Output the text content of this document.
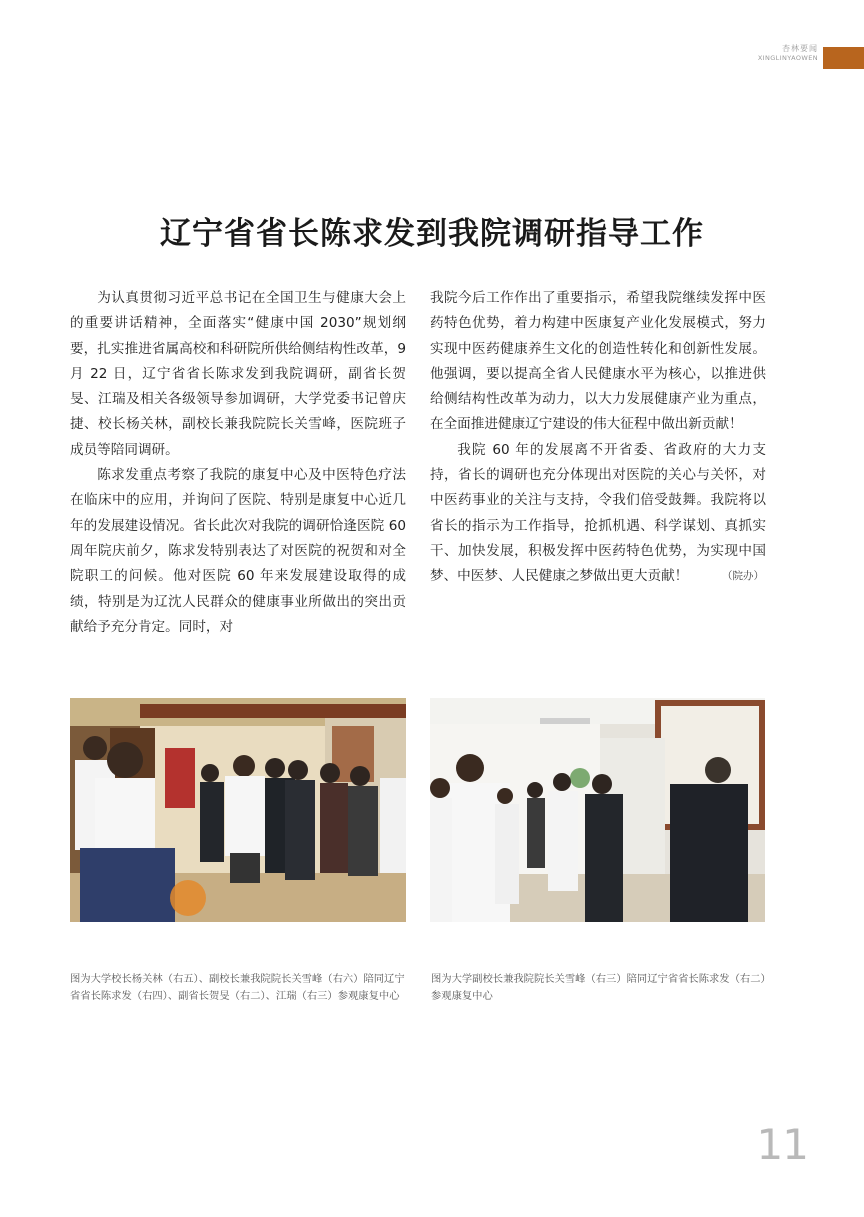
杏林要闻
XINGLINYAOWEN
辽宁省省长陈求发到我院调研指导工作

为认真贯彻习近平总书记在全国卫生与健康大会上的重要讲话精神，全面落实“健康中国 2030”规划纲要，扎实推进省属高校和科研院所供给侧结构性改革，9 月 22 日，辽宁省省长陈求发到我院调研，副省长贺旻、江瑞及相关各级领导参加调研，大学党委书记曾庆捷、校长杨关林，副校长兼我院院长关雪峰，医院班子成员等陪同调研。

陈求发重点考察了我院的康复中心及中医特色疗法在临床中的应用，并询问了医院、特别是康复中心近几年的发展建设情况。省长此次对我院的调研恰逢医院 60 周年院庆前夕，陈求发特别表达了对医院的祝贺和对全院职工的问候。他对医院 60 年来发展建设取得的成绩，特别是为辽沈人民群众的健康事业所做出的突出贡献给予充分肯定。同时，对

我院今后工作作出了重要指示，希望我院继续发挥中医药特色优势，着力构建中医康复产业化发展模式，努力实现中医药健康养生文化的创造性转化和创新性发展。他强调，要以提高全省人民健康水平为核心，以推进供给侧结构性改革为动力，以大力发展健康产业为重点，在全面推进健康辽宁建设的伟大征程中做出新贡献！

我院 60 年的发展离不开省委、省政府的大力支持，省长的调研也充分体现出对医院的关心与关怀，对中医药事业的关注与支持，令我们倍受鼓舞。我院将以省长的指示为工作指导，抢抓机遇、科学谋划、真抓实干、加快发展，积极发挥中医药特色优势，为实现中国梦、中医梦、人民健康之梦做出更大贡献！	（院办）

图为大学校长杨关林（右五）、副校长兼我院院长关雪峰（右六）陪同辽宁省省长陈求发（右四）、副省长贺旻（右二）、江瑞（右三）参观康复中心
图为大学副校长兼我院院长关雪峰（右三）陪同辽宁省省长陈求发（右二）参观康复中心
11
